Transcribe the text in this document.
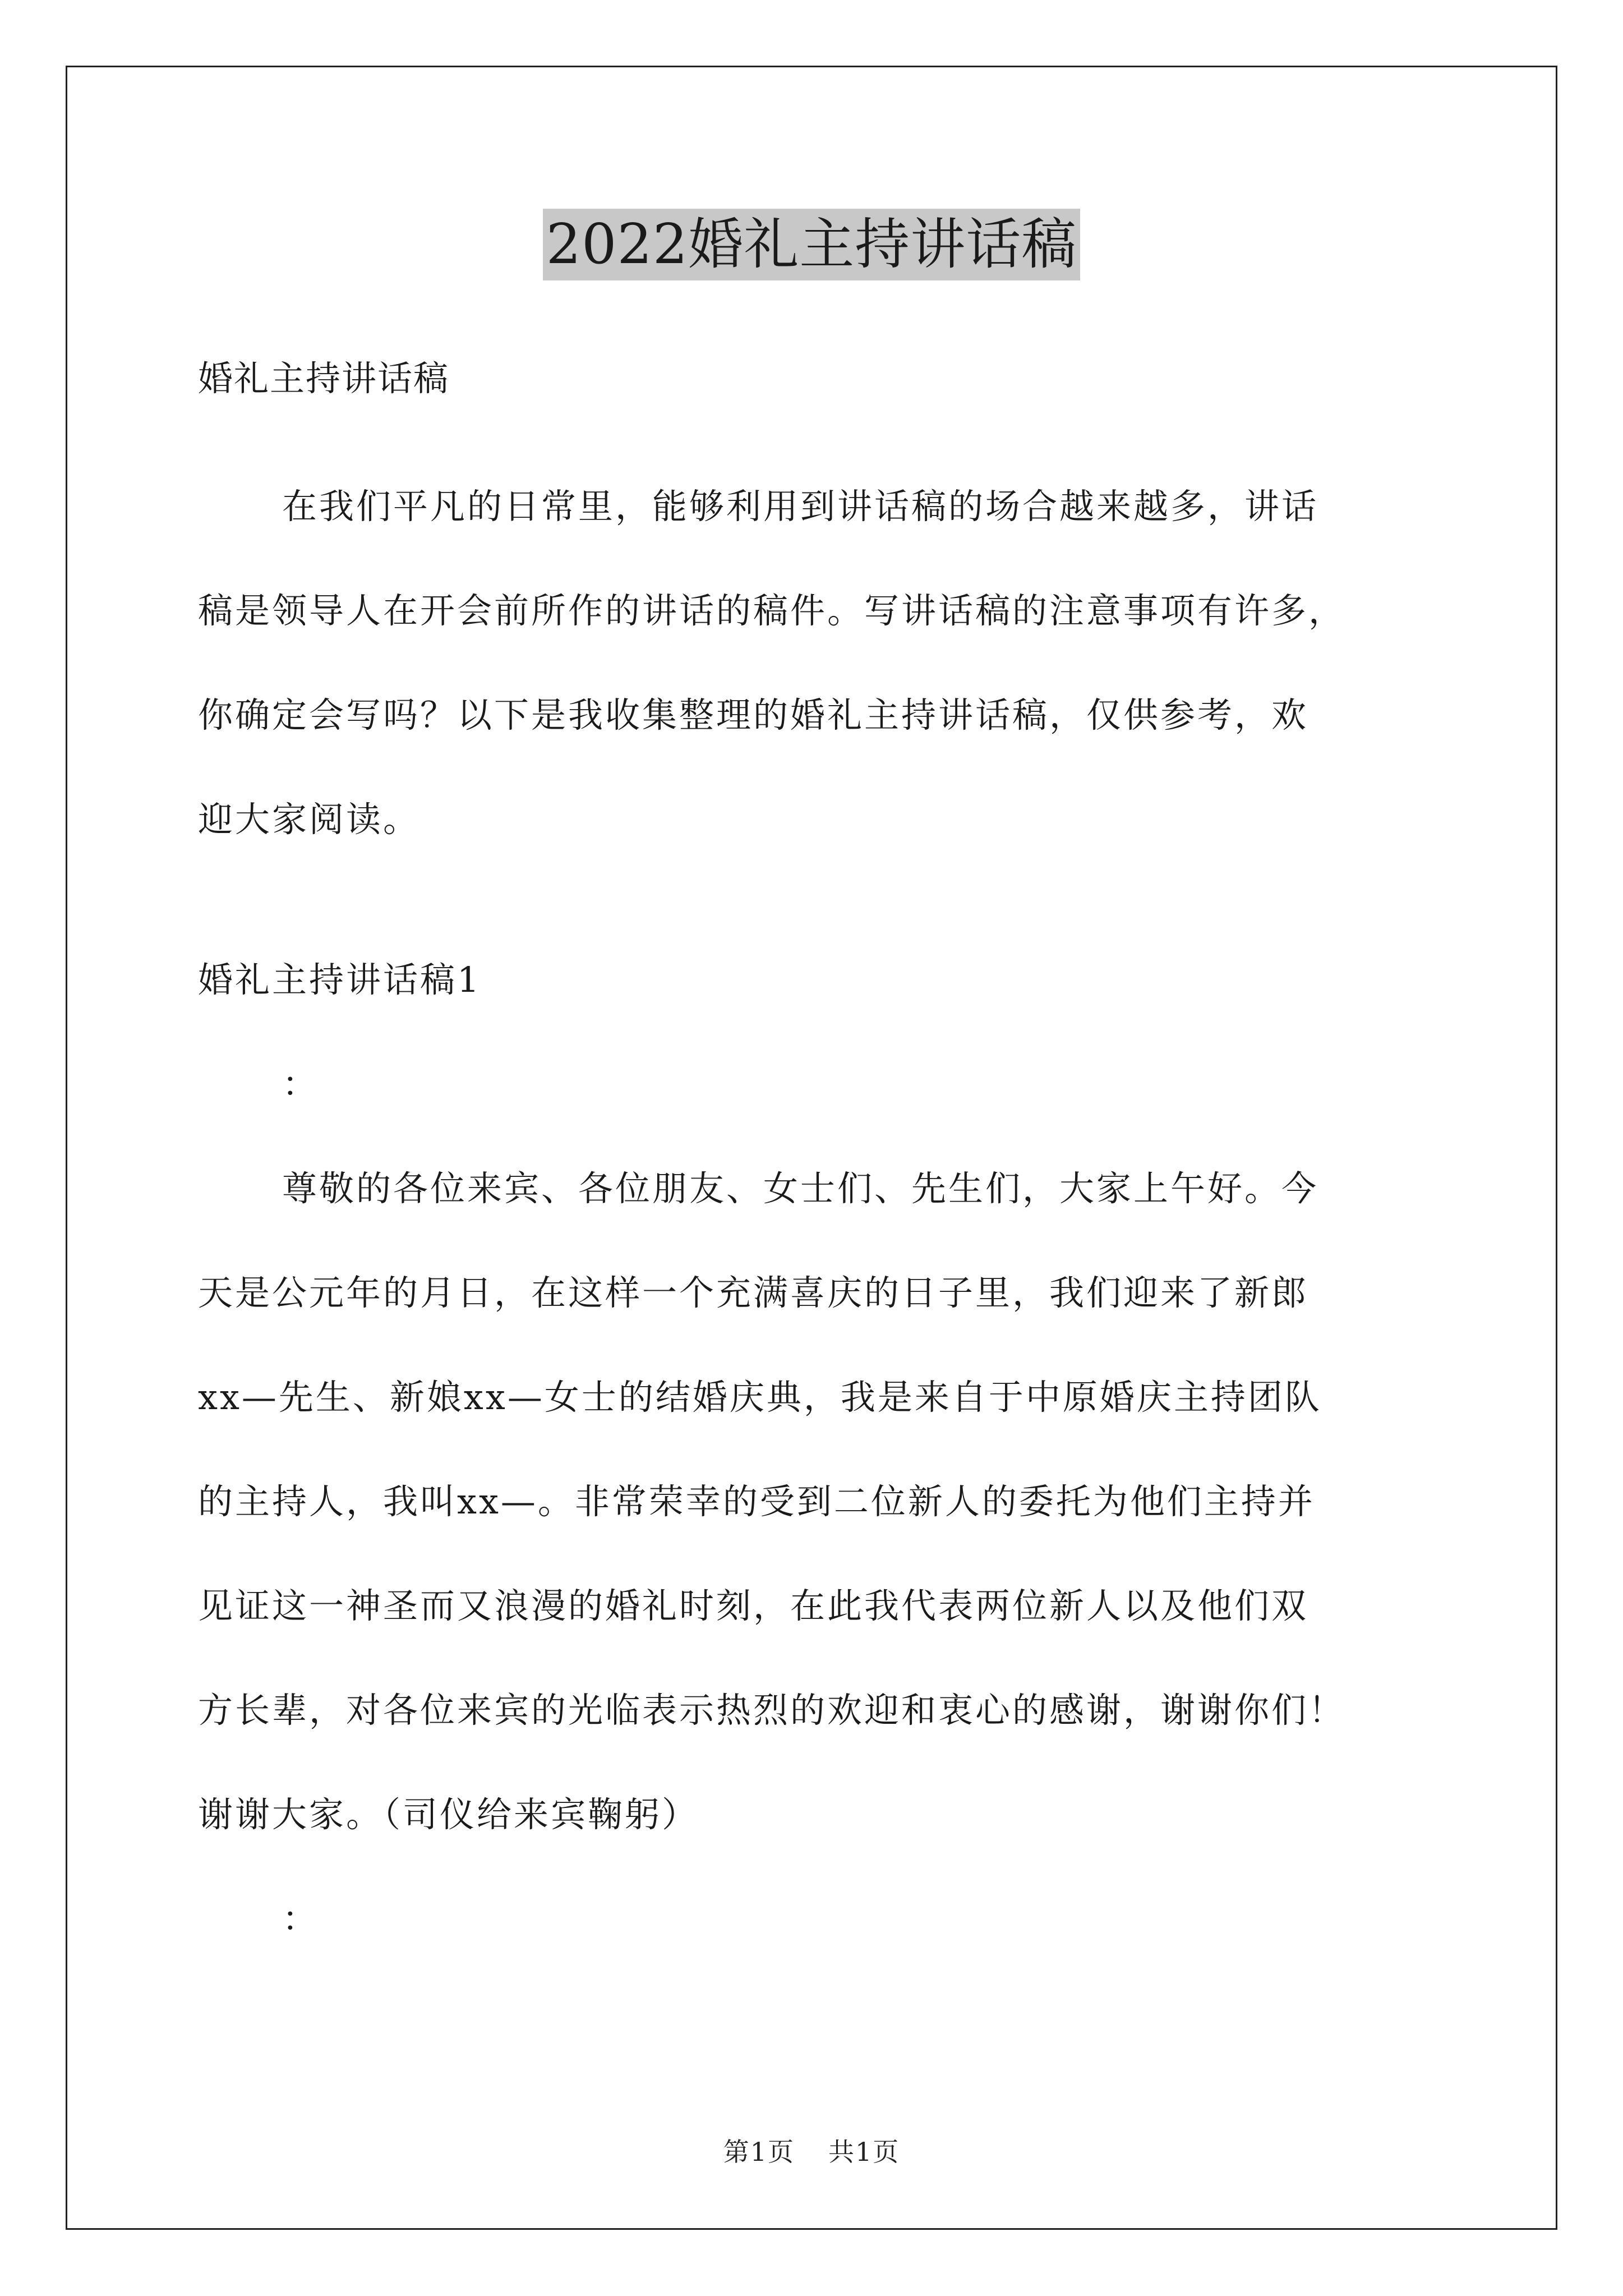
2022婚礼主持讲话稿
婚礼主持讲话稿
在我们平凡的日常里，能够利用到讲话稿的场合越来越多，讲话
稿是领导人在开会前所作的讲话的稿件。写讲话稿的注意事项有许多，
你确定会写吗？以下是我收集整理的婚礼主持讲话稿，仅供参考，欢
迎大家阅读。
婚礼主持讲话稿1
：
尊敬的各位来宾、各位朋友、女士们、先生们，大家上午好。今
天是公元年的月日，在这样一个充满喜庆的日子里，我们迎来了新郎
xx—先生、新娘xx—女士的结婚庆典，我是来自于中原婚庆主持团队
的主持人，我叫xx—。非常荣幸的受到二位新人的委托为他们主持并
见证这一神圣而又浪漫的婚礼时刻，在此我代表两位新人以及他们双
方长辈，对各位来宾的光临表示热烈的欢迎和衷心的感谢，谢谢你们！
谢谢大家。（司仪给来宾鞠躬）
：
第1页 共1页
